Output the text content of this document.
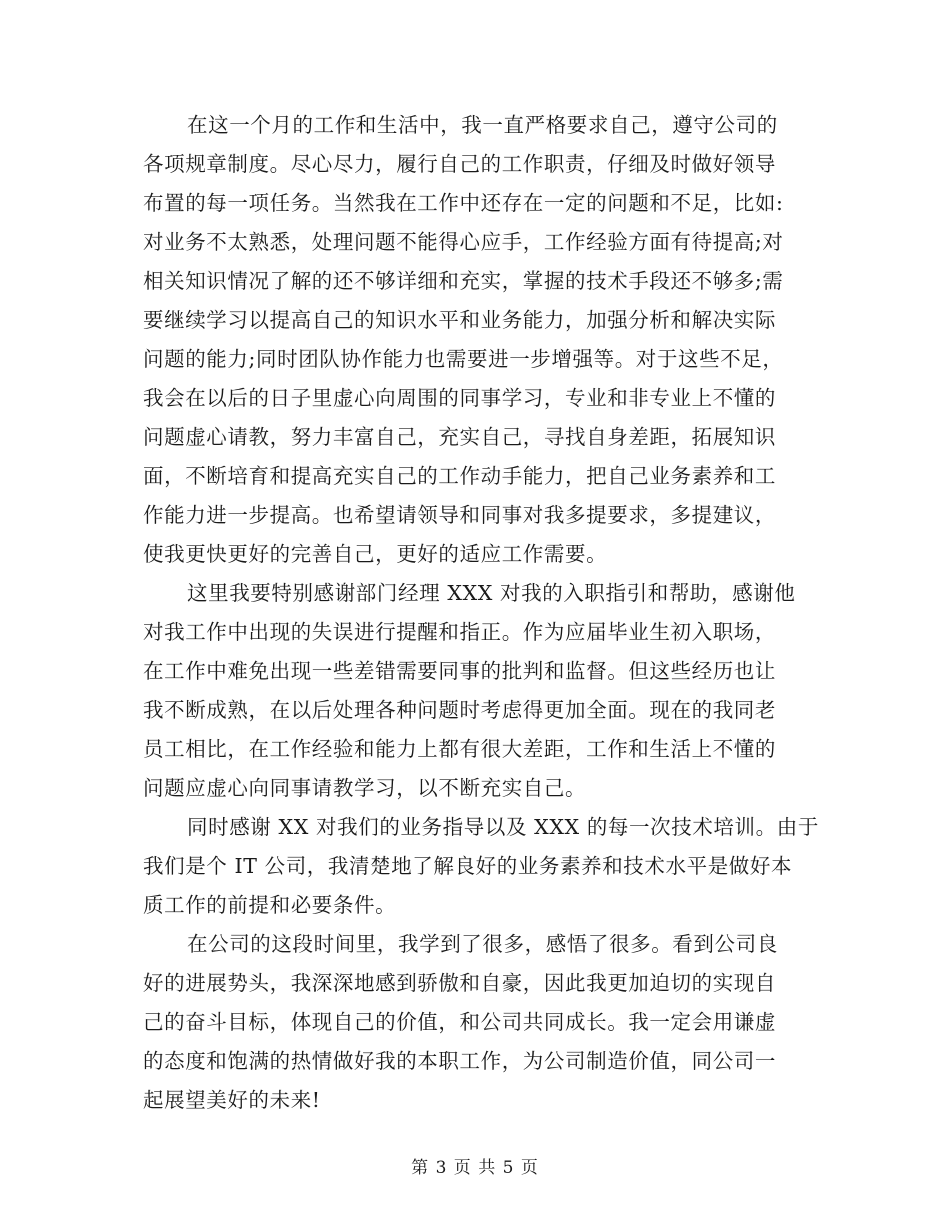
在这一个月的工作和生活中，我一直严格要求自己，遵守公司的
各项规章制度。尽心尽力，履行自己的工作职责，仔细及时做好领导
布置的每一项任务。当然我在工作中还存在一定的问题和不足，比如:
对业务不太熟悉，处理问题不能得心应手，工作经验方面有待提高;对
相关知识情况了解的还不够详细和充实，掌握的技术手段还不够多;需
要继续学习以提高自己的知识水平和业务能力，加强分析和解决实际
问题的能力;同时团队协作能力也需要进一步增强等。对于这些不足，
我会在以后的日子里虚心向周围的同事学习，专业和非专业上不懂的
问题虚心请教，努力丰富自己，充实自己，寻找自身差距，拓展知识
面，不断培育和提高充实自己的工作动手能力，把自己业务素养和工
作能力进一步提高。也希望请领导和同事对我多提要求，多提建议，
使我更快更好的完善自己，更好的适应工作需要。
这里我要特别感谢部门经理 XXX 对我的入职指引和帮助，感谢他
对我工作中出现的失误进行提醒和指正。作为应届毕业生初入职场，
在工作中难免出现一些差错需要同事的批判和监督。但这些经历也让
我不断成熟，在以后处理各种问题时考虑得更加全面。现在的我同老
员工相比，在工作经验和能力上都有很大差距，工作和生活上不懂的
问题应虚心向同事请教学习，以不断充实自己。
同时感谢 XX 对我们的业务指导以及 XXX 的每一次技术培训。由于
我们是个 IT 公司，我清楚地了解良好的业务素养和技术水平是做好本
质工作的前提和必要条件。
在公司的这段时间里，我学到了很多，感悟了很多。看到公司良
好的进展势头，我深深地感到骄傲和自豪，因此我更加迫切的实现自
己的奋斗目标，体现自己的价值，和公司共同成长。我一定会用谦虚
的态度和饱满的热情做好我的本职工作，为公司制造价值，同公司一
起展望美好的未来!
第 3 页 共 5 页
